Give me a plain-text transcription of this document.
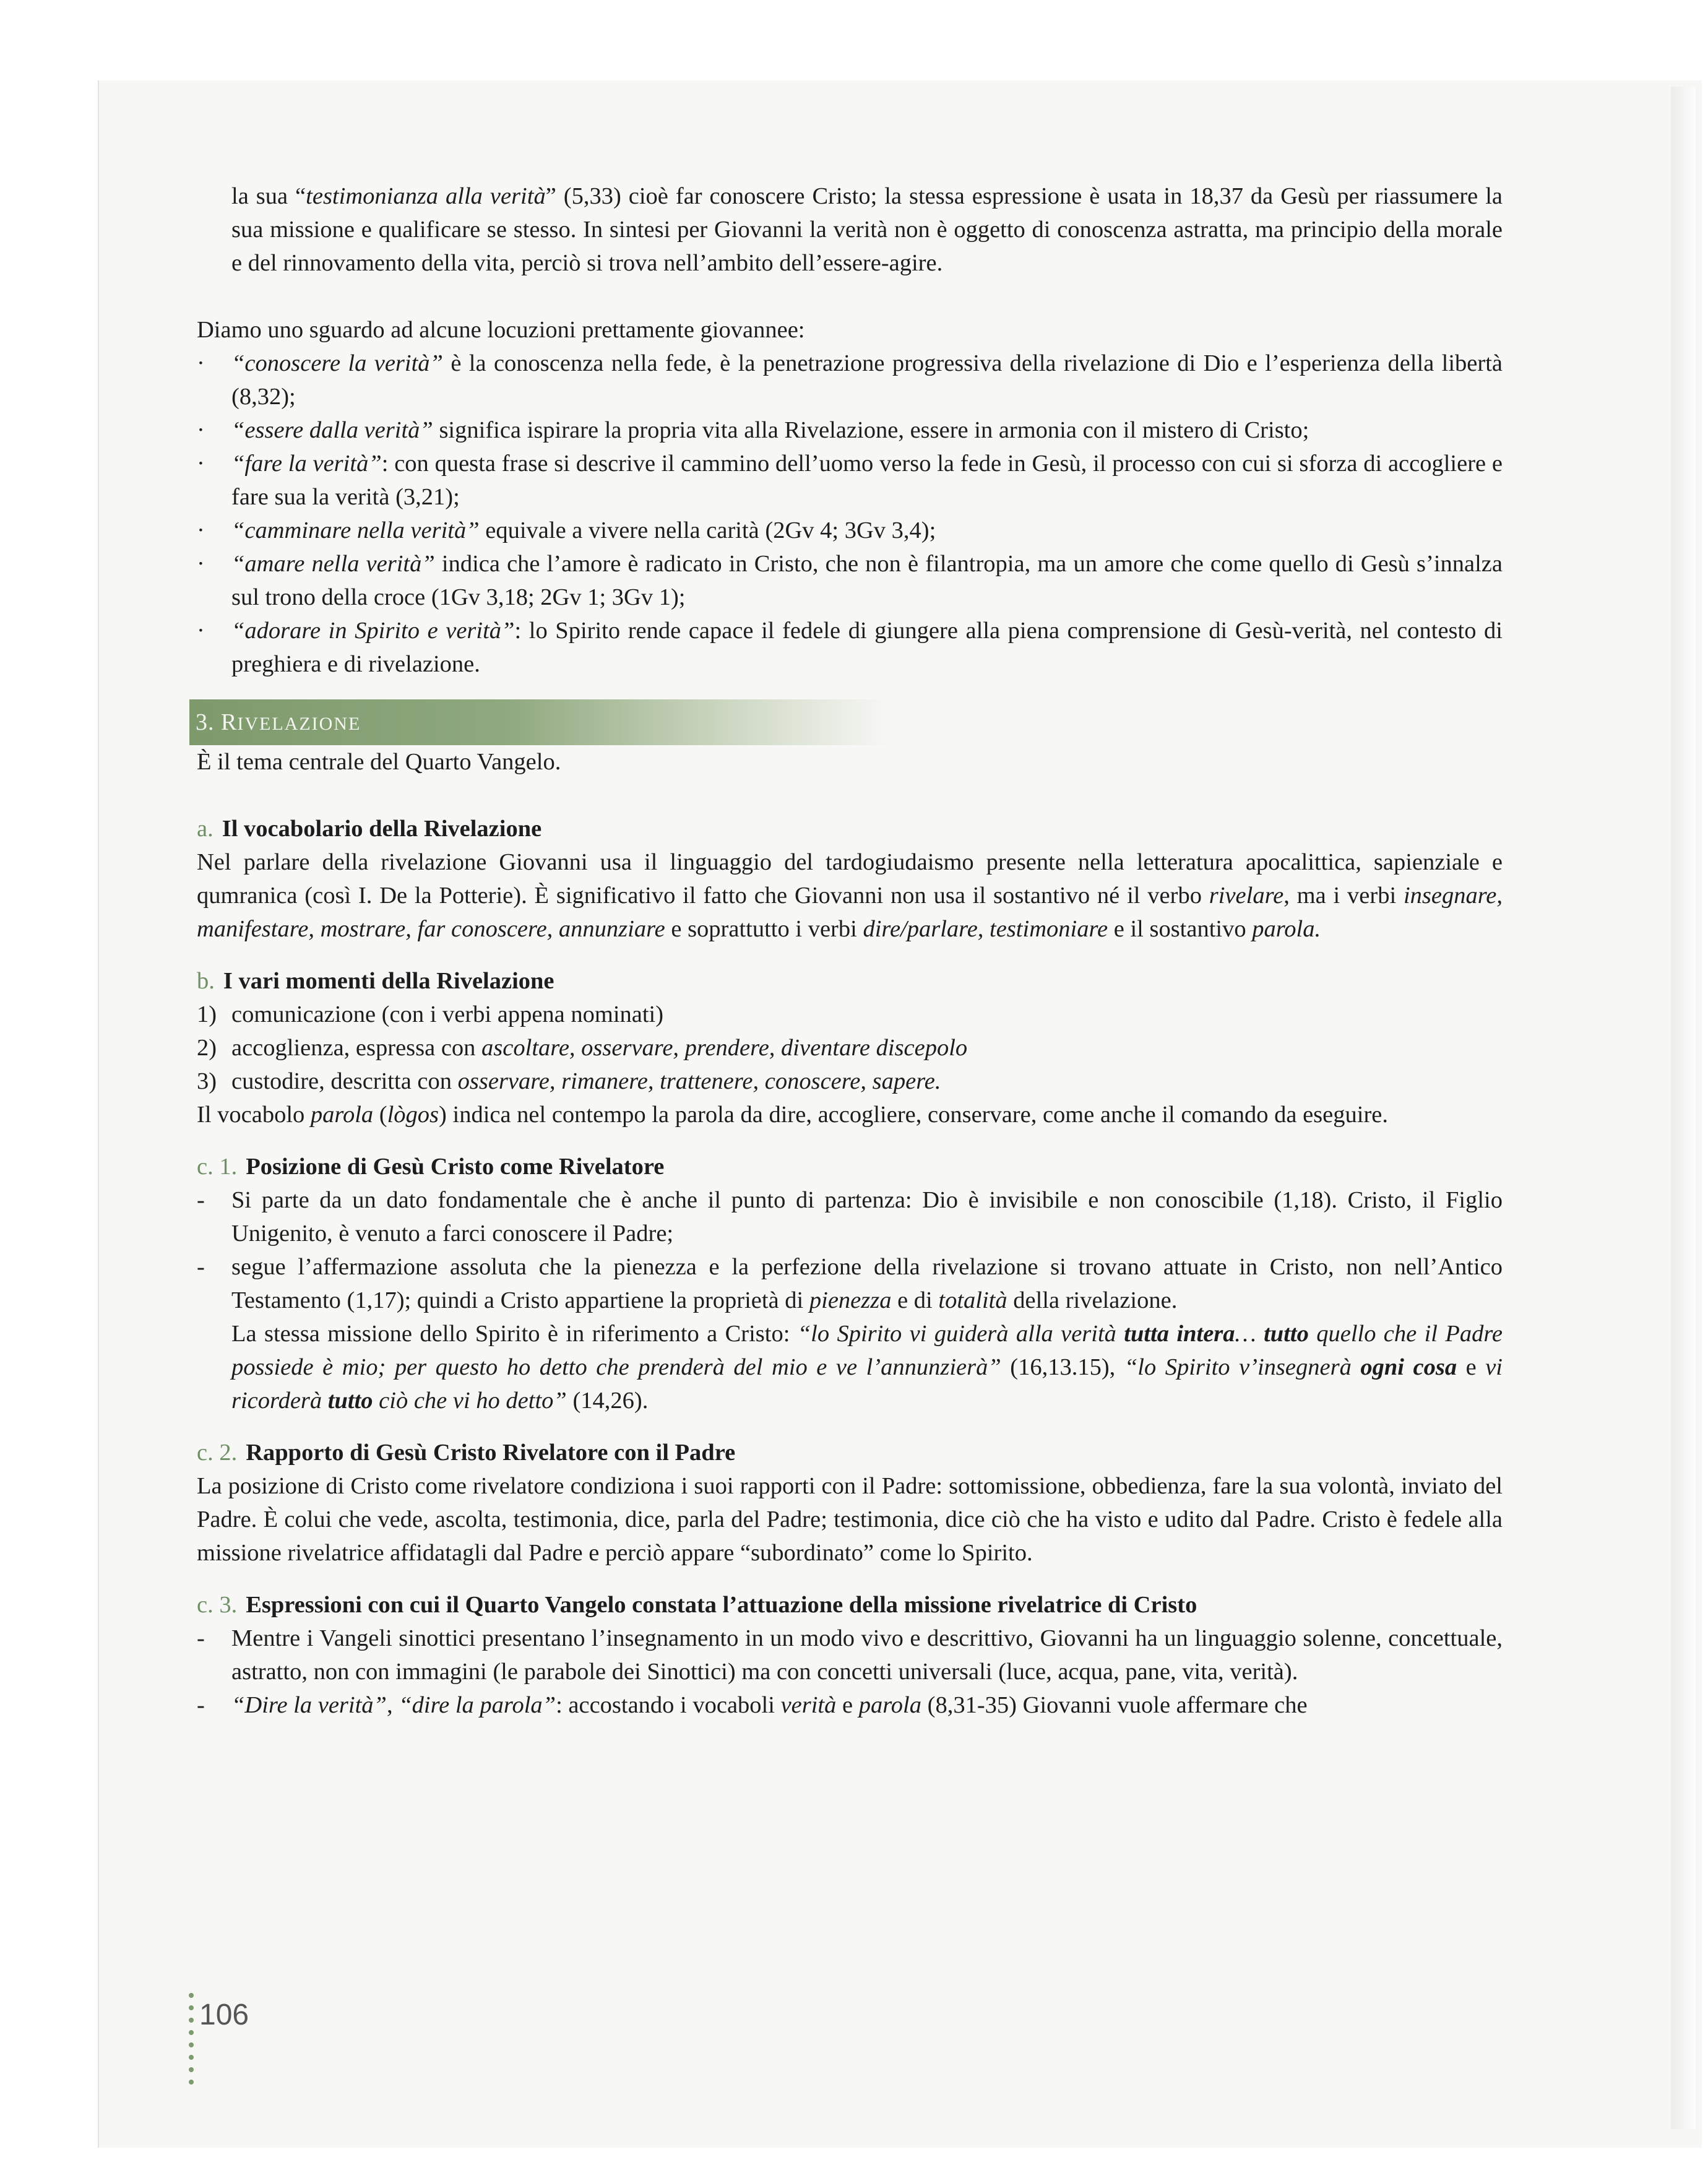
la sua “testimonianza alla verità” (5,33) cioè far conoscere Cristo; la stessa espressione è usata in 18,37 da Gesù per riassumere la sua missione e qualificare se stesso. In sintesi per Giovanni la verità non è oggetto di conoscenza astratta, ma principio della morale e del rinnovamento della vita, perciò si trova nell’ambito dell’essere-agire.

Diamo uno sguardo ad alcune locuzioni prettamente giovannee:

·	“conoscere la verità” è la conoscenza nella fede, è la penetrazione progressiva della rivelazione di Dio e l’esperienza della libertà (8,32);
·	“essere dalla verità” significa ispirare la propria vita alla Rivelazione, essere in armonia con il mistero di Cristo;
·	“fare la verità”: con questa frase si descrive il cammino dell’uomo verso la fede in Gesù, il processo con cui si sforza di accogliere e fare sua la verità (3,21);
·	“camminare nella verità” equivale a vivere nella carità (2Gv 4; 3Gv 3,4);
·	“amare nella verità” indica che l’amore è radicato in Cristo, che non è filantropia, ma un amore che come quello di Gesù s’innalza sul trono della croce (1Gv 3,18; 2Gv 1; 3Gv 1);
·	“adorare in Spirito e verità”: lo Spirito rende capace il fedele di giungere alla piena comprensione di Gesù-verità, nel contesto di preghiera e di rivelazione.
3. RIVELAZIONE

È il tema centrale del Quarto Vangelo.

a. Il vocabolario della Rivelazione

Nel parlare della rivelazione Giovanni usa il linguaggio del tardogiudaismo presente nella letteratura apocalittica, sapienziale e qumranica (così I. De la Potterie). È significativo il fatto che Giovanni non usa il sostantivo né il verbo rivelare, ma i verbi insegnare, manifestare, mostrare, far conoscere, annunziare e soprattutto i verbi dire/parlare, testimoniare e il sostantivo parola.

b. I vari momenti della Rivelazione

1) comunicazione (con i verbi appena nominati)
2) accoglienza, espressa con ascoltare, osservare, prendere, diventare discepolo
3) custodire, descritta con osservare, rimanere, trattenere, conoscere, sapere.

Il vocabolo parola (lògos) indica nel contempo la parola da dire, accogliere, conservare, come anche il comando da eseguire.

c. 1. Posizione di Gesù Cristo come Rivelatore

-	Si parte da un dato fondamentale che è anche il punto di partenza: Dio è invisibile e non conoscibile (1,18). Cristo, il Figlio Unigenito, è venuto a farci conoscere il Padre;
-	segue l’affermazione assoluta che la pienezza e la perfezione della rivelazione si trovano attuate in Cristo, non nell’Antico Testamento (1,17); quindi a Cristo appartiene la proprietà di pienezza e di totalità della rivelazione.

La stessa missione dello Spirito è in riferimento a Cristo: “lo Spirito vi guiderà alla verità tutta intera… tutto quello che il Padre possiede è mio; per questo ho detto che prenderà del mio e ve l’annunzierà” (16,13.15), “lo Spirito v’insegnerà ogni cosa e vi ricorderà tutto ciò che vi ho detto” (14,26).

c. 2. Rapporto di Gesù Cristo Rivelatore con il Padre

La posizione di Cristo come rivelatore condiziona i suoi rapporti con il Padre: sottomissione, obbedienza, fare la sua volontà, inviato del Padre. È colui che vede, ascolta, testimonia, dice, parla del Padre; testimonia, dice ciò che ha visto e udito dal Padre. Cristo è fedele alla missione rivelatrice affidatagli dal Padre e perciò appare “subordinato” come lo Spirito.

c. 3. Espressioni con cui il Quarto Vangelo constata l’attuazione della missione rivelatrice di Cristo

-	Mentre i Vangeli sinottici presentano l’insegnamento in un modo vivo e descrittivo, Giovanni ha un linguaggio solenne, concettuale, astratto, non con immagini (le parabole dei Sinottici) ma con concetti universali (luce, acqua, pane, vita, verità).
-	“Dire la verità”, “dire la parola”: accostando i vocaboli verità e parola (8,31-35) Giovanni vuole affermare che
106
